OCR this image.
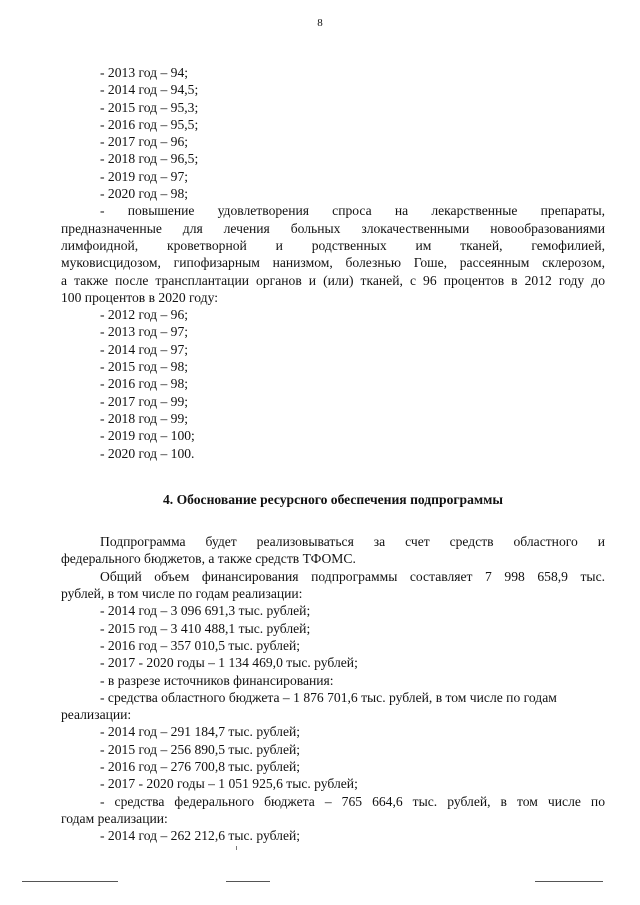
8
- 2013 год – 94;
- 2014 год – 94,5;
- 2015 год – 95,3;
- 2016 год – 95,5;
- 2017 год – 96;
- 2018 год – 96,5;
- 2019 год – 97;
- 2020 год – 98;
- повышение удовлетворения спроса на лекарственные препараты,
предназначенные для лечения больных злокачественными новообразованиями
лимфоидной, кроветворной и родственных им тканей, гемофилией,
муковисцидозом, гипофизарным нанизмом, болезнью Гоше, рассеянным склерозом,
а также после трансплантации органов и (или) тканей, с 96 процентов в 2012 году до
100 процентов в 2020 году:
- 2012 год – 96;
- 2013 год – 97;
- 2014 год – 97;
- 2015 год – 98;
- 2016 год – 98;
- 2017 год – 99;
- 2018 год – 99;
- 2019 год – 100;
- 2020 год – 100.
4. Обоснование ресурсного обеспечения подпрограммы
Подпрограмма будет реализовываться за счет средств областного и
федерального бюджетов, а также средств ТФОМС.
Общий объем финансирования подпрограммы составляет 7 998 658,9 тыс.
рублей, в том числе по годам реализации:
- 2014 год – 3 096 691,3 тыс. рублей;
- 2015 год – 3 410 488,1 тыс. рублей;
- 2016 год – 357 010,5 тыс. рублей;
- 2017 - 2020 годы – 1 134 469,0 тыс. рублей;
- в разрезе источников финансирования:
- средства областного бюджета – 1 876 701,6 тыс. рублей, в том числе по годам
реализации:
- 2014 год – 291 184,7 тыс. рублей;
- 2015 год – 256 890,5 тыс. рублей;
- 2016 год – 276 700,8 тыс. рублей;
- 2017 - 2020 годы – 1 051 925,6 тыс. рублей;
- средства федерального бюджета – 765 664,6 тыс. рублей, в том числе по
годам реализации:
- 2014 год – 262 212,6 тыс. рублей;
